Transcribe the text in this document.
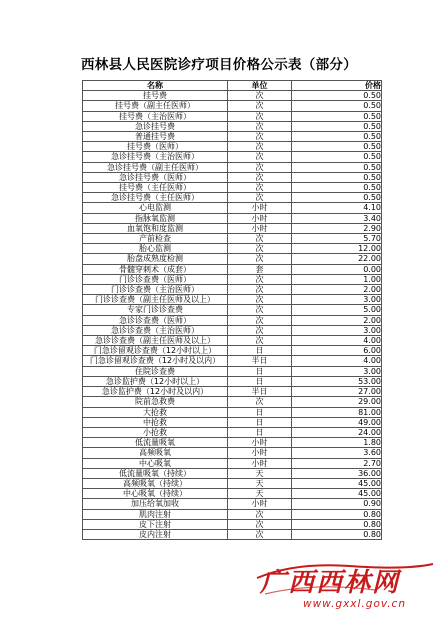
西林县人民医院诊疗项目价格公示表（部分）
名称	单位	价格
挂号费	次	0.50
挂号费（副主任医师）	次	0.50
挂号费（主治医师）	次	0.50
急诊挂号费	次	0.50
普通挂号费	次	0.50
挂号费（医师）	次	0.50
急诊挂号费（主治医师）	次	0.50
急诊挂号费（副主任医师）	次	0.50
急诊挂号费（医师）	次	0.50
挂号费（主任医师）	次	0.50
急诊挂号费（主任医师）	次	0.50
心电监测	小时	4.10
指脉氧监测	小时	3.40
血氧饱和度监测	小时	2.90
产前检查	次	5.70
胎心监测	次	12.00
胎盘成熟度检测	次	22.00
骨髓穿刺术（成套）	套	0.00
门诊诊查费（医师）	次	1.00
门诊诊查费（主治医师）	次	2.00
门诊诊查费（副主任医师及以上）	次	3.00
专家门诊诊查费	次	5.00
急诊诊查费（医师）	次	2.00
急诊诊查费（主治医师）	次	3.00
急诊诊查费（副主任医师及以上）	次	4.00
门急诊留观诊查费（12小时以上）	日	6.00
门急诊留观诊查费（12小时及以内）	半日	4.00
住院诊查费	日	3.00
急诊监护费（12小时以上）	日	53.00
急诊监护费（12小时及以内）	半日	27.00
院前急救费	次	29.00
大抢救	日	81.00
中抢救	日	49.00
小抢救	日	24.00
低流量吸氧	小时	1.80
高频吸氧	小时	3.60
中心吸氧	小时	2.70
低流量吸氧（持续）	天	36.00
高频吸氧（持续）	天	45.00
中心吸氧（持续）	天	45.00
加压给氧加收	小时	0.90
肌肉注射	次	0.80
皮下注射	次	0.80
皮内注射	次	0.80
广西西林网
www.gxxl.gov.cn
